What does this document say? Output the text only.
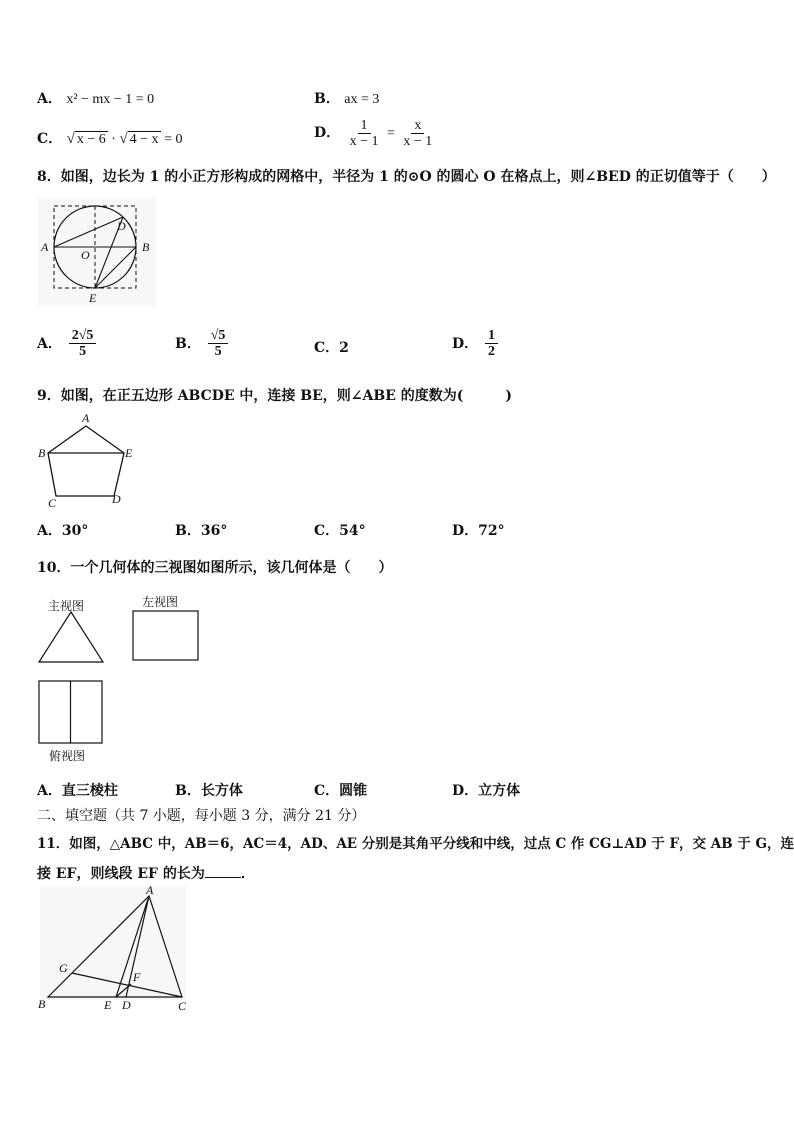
A． x² − mx − 1 = 0	B． ax = 3
C． √ x − 6 · √ 4 − x = 0	D． $\frac{1}{x - 1} = \frac{x}{x - 1}$
8．如图，边长为 1 的小正方形构成的网格中，半径为 1 的⊙O 的圆心 O 在格点上，则∠BED 的正切值等于（　　）
A	B
D
O
E
A． $\frac{2√5}{5}$	B． $\frac{√5}{5}$	C．2	D． $\frac{1}{2}$
9．如图，在正五边形 ABCDE 中，连接 BE，则∠ABE 的度数为(　　　)
A
B
C	D
E
A．30°	B．36°	C．54°	D．72°
10．一个几何体的三视图如图所示，该几何体是（　　）
主视图	左视图
俯视图
A．直三棱柱	B．长方体	C．圆锥	D．立方体
二、填空题（共 7 小题，每小题 3 分，满分 21 分）
11．如图，△ABC 中，AB＝6，AC＝4，AD、AE 分别是其角平分线和中线，过点 C 作 CG⊥AD 于 F，交 AB 于 G，连
接 EF，则线段 EF 的长为	．
A
B	C
D
E
F
G
